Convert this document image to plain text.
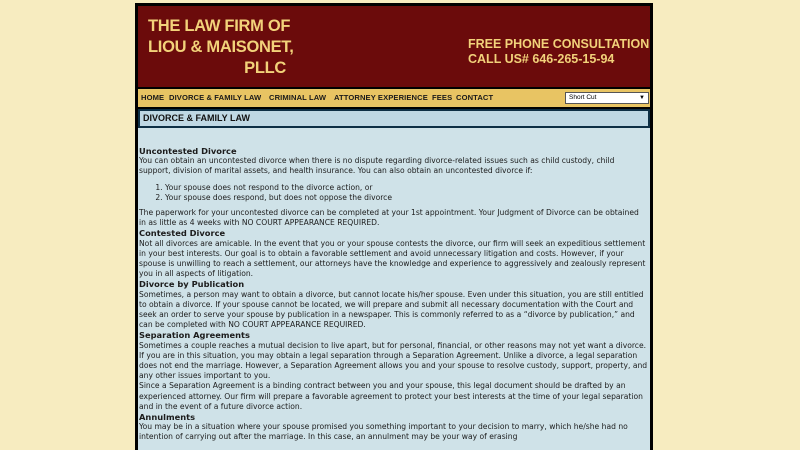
THE LAW FIRM OF
LIOU & MAISONET,
PLLC
FREE PHONE CONSULTATION
CALL US# 646-265-15-94
HOME DIVORCE & FAMILY LAW CRIMINAL LAW ATTORNEY EXPERIENCE FEES CONTACT	Short Cut	▼
DIVORCE & FAMILY LAW
Uncontested Divorce

You can obtain an uncontested divorce when there is no dispute regarding divorce-related issues such as child custody, child support, division of marital assets, and health insurance. You can also obtain an uncontested divorce if:

1. Your spouse does not respond to the divorce action, or
2. Your spouse does respond, but does not oppose the divorce

The paperwork for your uncontested divorce can be completed at your 1st appointment. Your Judgment of Divorce can be obtained in as little as 4 weeks with NO COURT APPEARANCE REQUIRED.

Contested Divorce

Not all divorces are amicable. In the event that you or your spouse contests the divorce, our firm will seek an expeditious settlement in your best interests. Our goal is to obtain a favorable settlement and avoid unnecessary litigation and costs. However, if your spouse is unwilling to reach a settlement, our attorneys have the knowledge and experience to aggressively and zealously represent you in all aspects of litigation.

Divorce by Publication

Sometimes, a person may want to obtain a divorce, but cannot locate his/her spouse. Even under this situation, you are still entitled to obtain a divorce. If your spouse cannot be located, we will prepare and submit all necessary documentation with the Court and seek an order to serve your spouse by publication in a newspaper. This is commonly referred to as a “divorce by publication,” and can be completed with NO COURT APPEARANCE REQUIRED.

Separation Agreements

Sometimes a couple reaches a mutual decision to live apart, but for personal, financial, or other reasons may not yet want a divorce. If you are in this situation, you may obtain a legal separation through a Separation Agreement. Unlike a divorce, a legal separation does not end the marriage. However, a Separation Agreement allows you and your spouse to resolve custody, support, property, and any other issues important to you.

Since a Separation Agreement is a binding contract between you and your spouse, this legal document should be drafted by an experienced attorney. Our firm will prepare a favorable agreement to protect your best interests at the time of your legal separation and in the event of a future divorce action.

Annulments

You may be in a situation where your spouse promised you something important to your decision to marry, which he/she had no intention of carrying out after the marriage. In this case, an annulment may be your way of erasing
